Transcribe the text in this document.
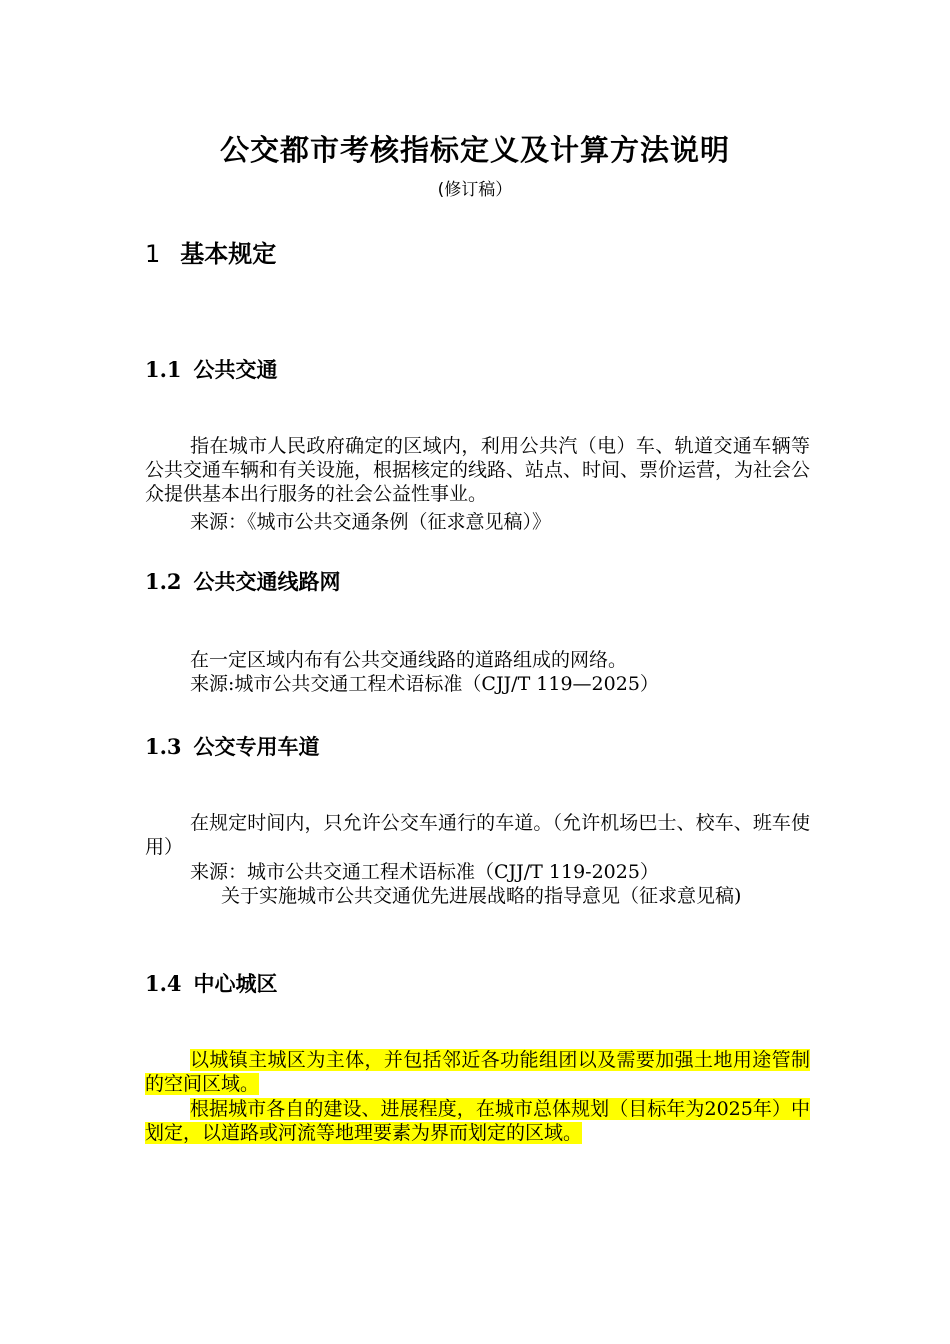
公交都市考核指标定义及计算方法说明
(修订稿）
1 基本规定
1.1 公共交通
指在城市人民政府确定的区域内，利用公共汽（电）车、轨道交通车辆等公共交通车辆和有关设施，根据核定的线路、站点、时间、票价运营，为社会公众提供基本出行服务的社会公益性事业。
来源：《城市公共交通条例（征求意见稿）》
1.2 公共交通线路网
在一定区域内布有公共交通线路的道路组成的网络。
来源:城市公共交通工程术语标准（CJJ/T 119—2025）
1.3 公交专用车道
在规定时间内，只允许公交车通行的车道。（允许机场巴士、校车、班车使用）
来源：城市公共交通工程术语标准（CJJ/T 119-2025）
关于实施城市公共交通优先进展战略的指导意见（征求意见稿)
1.4 中心城区
以城镇主城区为主体，并包括邻近各功能组团以及需要加强土地用途管制的空间区域。
根据城市各自的建设、进展程度，在城市总体规划（目标年为2025年）中划定，以道路或河流等地理要素为界而划定的区域。
